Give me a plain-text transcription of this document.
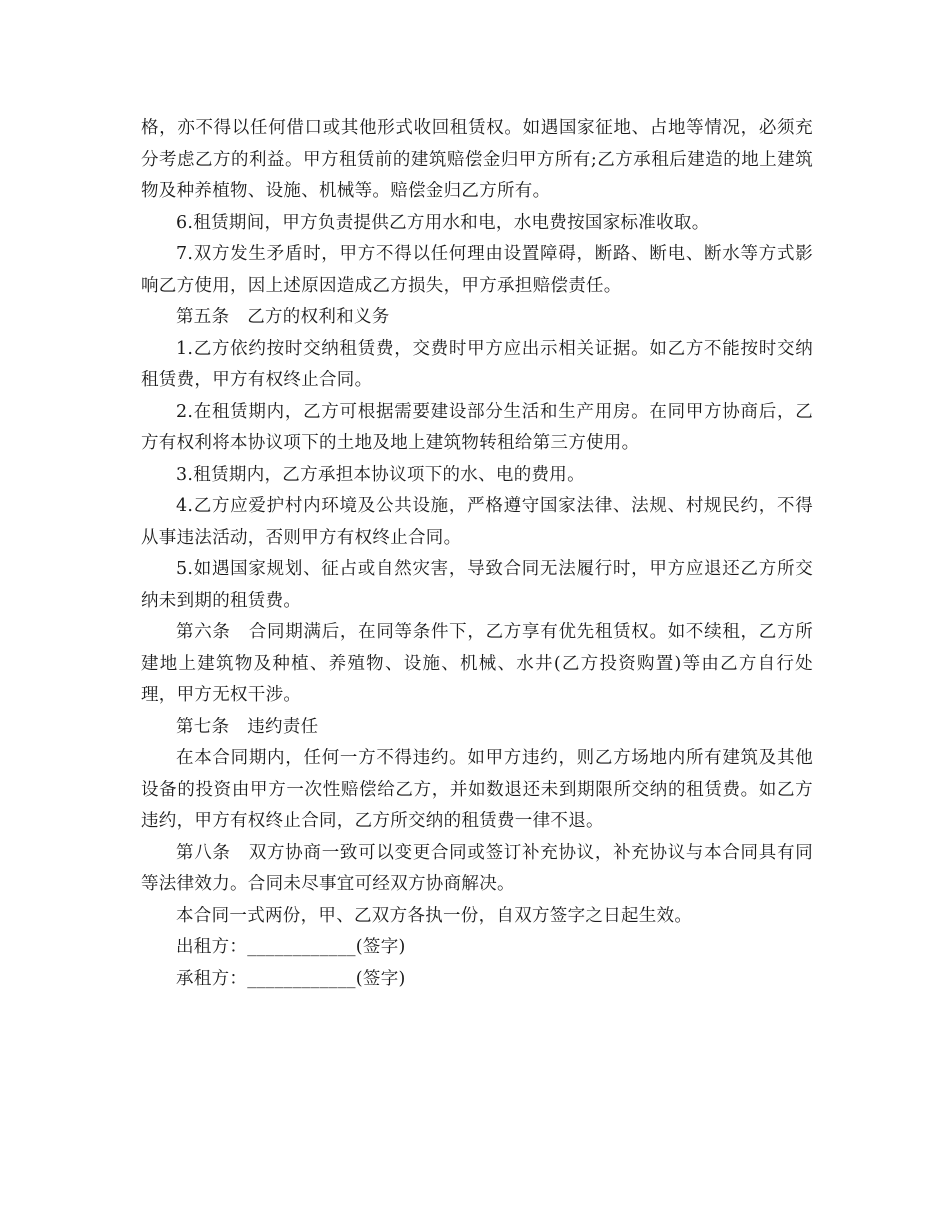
格，亦不得以任何借口或其他形式收回租赁权。如遇国家征地、占地等情况，必须充分考虑乙方的利益。甲方租赁前的建筑赔偿金归甲方所有;乙方承租后建造的地上建筑物及种养植物、设施、机械等。赔偿金归乙方所有。

6.租赁期间，甲方负责提供乙方用水和电，水电费按国家标准收取。

7.双方发生矛盾时，甲方不得以任何理由设置障碍，断路、断电、断水等方式影响乙方使用，因上述原因造成乙方损失，甲方承担赔偿责任。

第五条　乙方的权利和义务

1.乙方依约按时交纳租赁费，交费时甲方应出示相关证据。如乙方不能按时交纳租赁费，甲方有权终止合同。

2.在租赁期内，乙方可根据需要建设部分生活和生产用房。在同甲方协商后，乙方有权利将本协议项下的土地及地上建筑物转租给第三方使用。

3.租赁期内，乙方承担本协议项下的水、电的费用。

4.乙方应爱护村内环境及公共设施，严格遵守国家法律、法规、村规民约，不得从事违法活动，否则甲方有权终止合同。

5.如遇国家规划、征占或自然灾害，导致合同无法履行时，甲方应退还乙方所交纳未到期的租赁费。

第六条　合同期满后，在同等条件下，乙方享有优先租赁权。如不续租，乙方所建地上建筑物及种植、养殖物、设施、机械、水井(乙方投资购置)等由乙方自行处理，甲方无权干涉。

第七条　违约责任

在本合同期内，任何一方不得违约。如甲方违约，则乙方场地内所有建筑及其他设备的投资由甲方一次性赔偿给乙方，并如数退还未到期限所交纳的租赁费。如乙方违约，甲方有权终止合同，乙方所交纳的租赁费一律不退。

第八条　双方协商一致可以变更合同或签订补充协议，补充协议与本合同具有同等法律效力。合同未尽事宜可经双方协商解决。

本合同一式两份，甲、乙双方各执一份，自双方签字之日起生效。

出租方：____________(签字)

承租方：____________(签字)
